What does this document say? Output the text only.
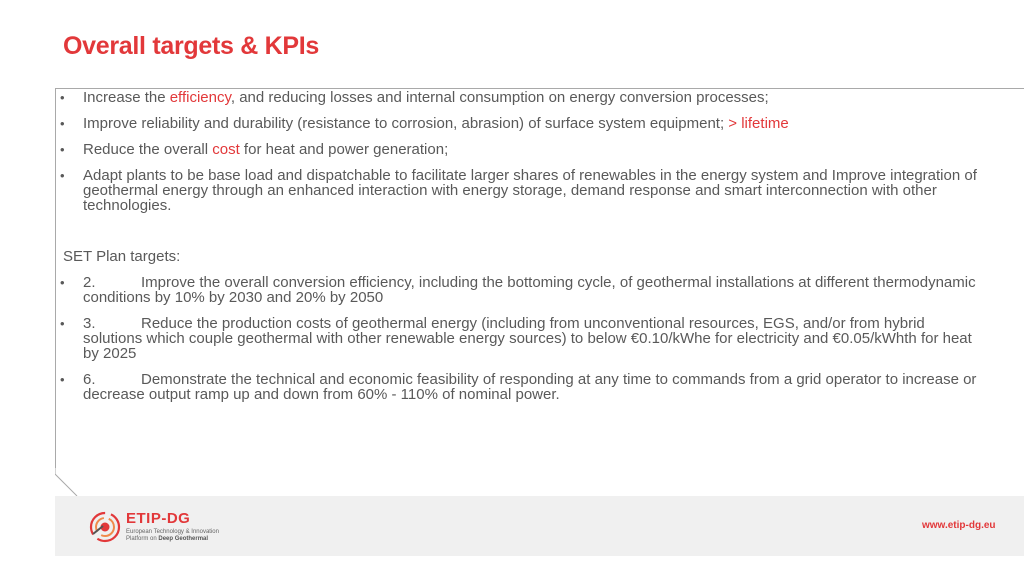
Overall targets & KPIs
• Increase the efficiency, and reducing losses and internal consumption on energy conversion processes;
• Improve reliability and durability (resistance to corrosion, abrasion) of surface system equipment; > lifetime
• Reduce the overall cost for heat and power generation;
• Adapt plants to be base load and dispatchable to facilitate larger shares of renewables in the energy system and Improve integration of geothermal energy through an enhanced interaction with energy storage, demand response and smart interconnection with other technologies.
SET Plan targets:
• 2.	Improve the overall conversion efficiency, including the bottoming cycle, of geothermal installations at different thermodynamic conditions by 10% by 2030 and 20% by 2050
• 3.	Reduce the production costs of geothermal energy (including from unconventional resources, EGS, and/or from hybrid solutions which couple geothermal with other renewable energy sources) to below €0.10/kWhe for electricity and €0.05/kWhth for heat by 2025
• 6.	Demonstrate the technical and economic feasibility of responding at any time to commands from a grid operator to increase or decrease output ramp up and down from 60% - 110% of nominal power.
ETIP-DG
European Technology & Innovation
Platform on Deep Geothermal
www.etip-dg.eu
